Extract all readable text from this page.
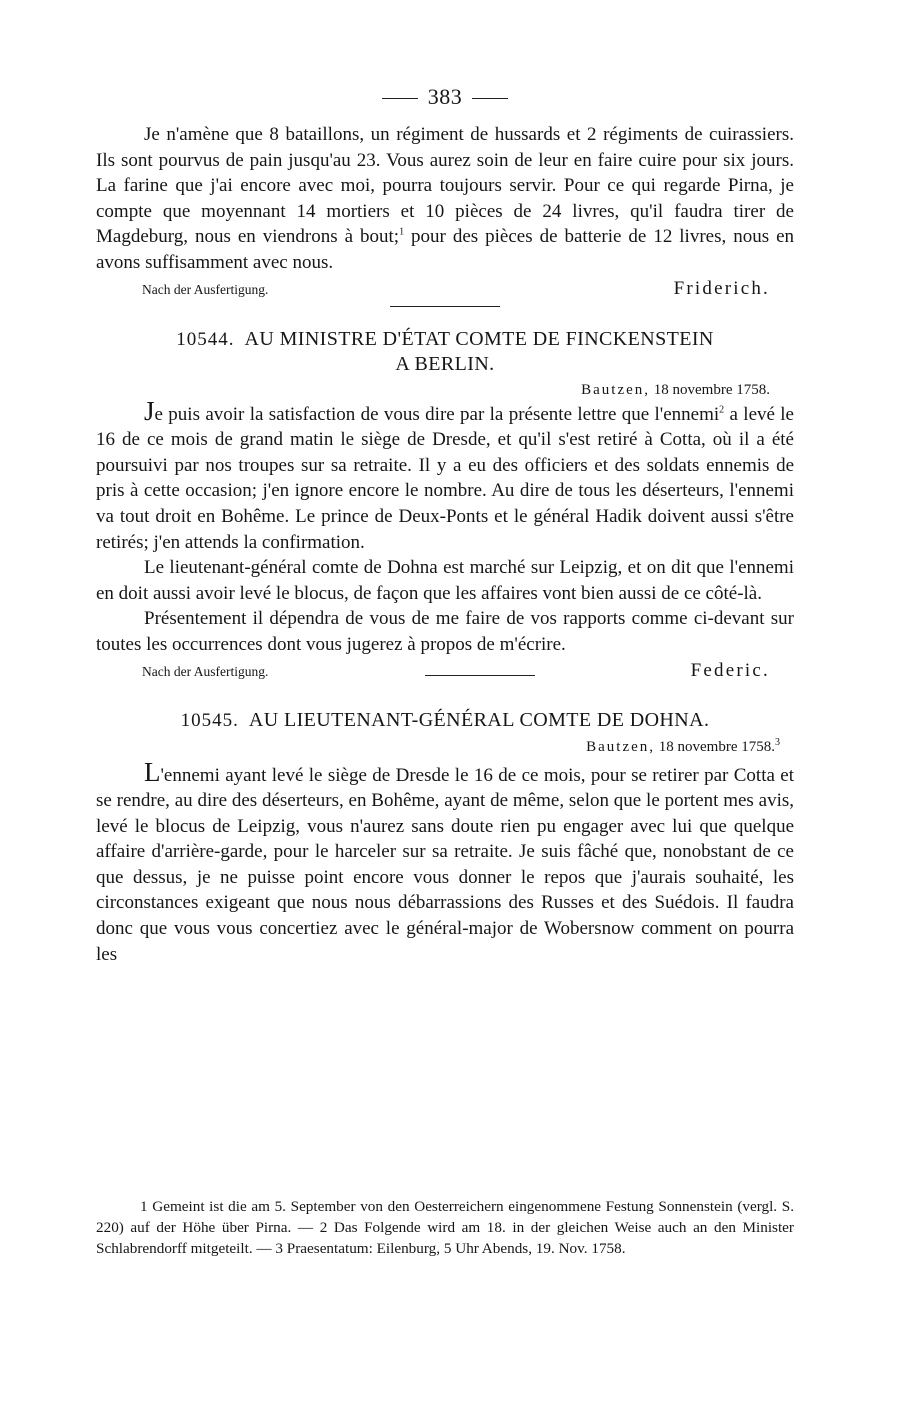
383

Je n'amène que 8 bataillons, un régiment de hussards et 2 régiments de cuirassiers. Ils sont pourvus de pain jusqu'au 23. Vous aurez soin de leur en faire cuire pour six jours. La farine que j'ai encore avec moi, pourra toujours servir. Pour ce qui regarde Pirna, je compte que moyennant 14 mortiers et 10 pièces de 24 livres, qu'il faudra tirer de Magdeburg, nous en viendrons à bout;$^1$ pour des pièces de batterie de 12 livres, nous en avons suffisamment avec nous.

Nach der Ausfertigung.	Friderich.
10544. AU MINISTRE D'ÉTAT COMTE DE FINCKENSTEIN
A BERLIN.
Bautzen, 18 novembre 1758.

Je puis avoir la satisfaction de vous dire par la présente lettre que l'ennemi$^2$ a levé le 16 de ce mois de grand matin le siège de Dresde, et qu'il s'est retiré à Cotta, où il a été poursuivi par nos troupes sur sa retraite. Il y a eu des officiers et des soldats ennemis de pris à cette occasion; j'en ignore encore le nombre. Au dire de tous les déserteurs, l'ennemi va tout droit en Bohême. Le prince de Deux-Ponts et le général Hadik doivent aussi s'être retirés; j'en attends la confirmation.

Le lieutenant-général comte de Dohna est marché sur Leipzig, et on dit que l'ennemi en doit aussi avoir levé le blocus, de façon que les affaires vont bien aussi de ce côté-là.

Présentement il dépendra de vous de me faire de vos rapports comme ci-devant sur toutes les occurrences dont vous jugerez à propos de m'écrire.

Nach der Ausfertigung.	Federic.
10545. AU LIEUTENANT-GÉNÉRAL COMTE DE DOHNA.
Bautzen, 18 novembre 1758.$^3$

L'ennemi ayant levé le siège de Dresde le 16 de ce mois, pour se retirer par Cotta et se rendre, au dire des déserteurs, en Bohême, ayant de même, selon que le portent mes avis, levé le blocus de Leipzig, vous n'aurez sans doute rien pu engager avec lui que quelque affaire d'arrière-garde, pour le harceler sur sa retraite. Je suis fâché que, nonobstant de ce que dessus, je ne puisse point encore vous donner le repos que j'aurais souhaité, les circonstances exigeant que nous nous débarrassions des Russes et des Suédois. Il faudra donc que vous vous concertiez avec le général-major de Wobersnow comment on pourra les

1 Gemeint ist die am 5. September von den Oesterreichern eingenommene Festung Sonnenstein (vergl. S. 220) auf der Höhe über Pirna. — 2 Das Folgende wird am 18. in der gleichen Weise auch an den Minister Schlabrendorff mitgeteilt. — 3 Praesentatum: Eilenburg, 5 Uhr Abends, 19. Nov. 1758.
